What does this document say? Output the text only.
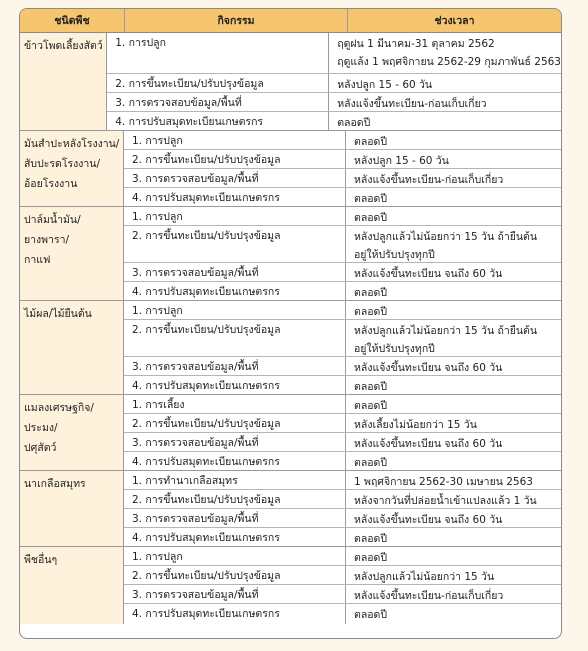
ชนิดพืช	กิจกรรม	ช่วงเวลา
ข้าวโพดเลี้ยงสัตว์	1. การปลูก	ฤดูฝน 1 มีนาคม-31 ตุลาคม 2562
ฤดูแล้ง 1 พฤศจิกายน 2562-29 กุมภาพันธ์ 2563
2. การขึ้นทะเบียน/ปรับปรุงข้อมูล	หลังปลูก 15 - 60 วัน
3. การตรวจสอบข้อมูล/พื้นที่	หลังแจ้งขึ้นทะเบียน-ก่อนเก็บเกี่ยว
4. การปรับสมุดทะเบียนเกษตรกร	ตลอดปี
มันสำปะหลังโรงงาน/
สับปะรดโรงงาน/
อ้อยโรงงาน
1. การปลูก	ตลอดปี
2. การขึ้นทะเบียน/ปรับปรุงข้อมูล	หลังปลูก 15 - 60 วัน
3. การตรวจสอบข้อมูล/พื้นที่	หลังแจ้งขึ้นทะเบียน-ก่อนเก็บเกี่ยว
4. การปรับสมุดทะเบียนเกษตรกร	ตลอดปี
ปาล์มน้ำมัน/
ยางพารา/
กาแฟ
1. การปลูก	ตลอดปี
2. การขึ้นทะเบียน/ปรับปรุงข้อมูล	หลังปลูกแล้วไม่น้อยกว่า 15 วัน ถ้ายืนต้น
อยู่ให้ปรับปรุงทุกปี
3. การตรวจสอบข้อมูล/พื้นที่	หลังแจ้งขึ้นทะเบียน จนถึง 60 วัน
4. การปรับสมุดทะเบียนเกษตรกร	ตลอดปี
ไม้ผล/ไม้ยืนต้น	1. การปลูก	ตลอดปี
2. การขึ้นทะเบียน/ปรับปรุงข้อมูล	หลังปลูกแล้วไม่น้อยกว่า 15 วัน ถ้ายืนต้น
อยู่ให้ปรับปรุงทุกปี
3. การตรวจสอบข้อมูล/พื้นที่	หลังแจ้งขึ้นทะเบียน จนถึง 60 วัน
4. การปรับสมุดทะเบียนเกษตรกร	ตลอดปี
แมลงเศรษฐกิจ/
ประมง/
ปศุสัตว์
1. การเลี้ยง	ตลอดปี
2. การขึ้นทะเบียน/ปรับปรุงข้อมูล	หลังเลี้ยงไม่น้อยกว่า 15 วัน
3. การตรวจสอบข้อมูล/พื้นที่	หลังแจ้งขึ้นทะเบียน จนถึง 60 วัน
4. การปรับสมุดทะเบียนเกษตรกร	ตลอดปี
นาเกลือสมุทร	1. การทำนาเกลือสมุทร	1 พฤศจิกายน 2562-30 เมษายน 2563
2. การขึ้นทะเบียน/ปรับปรุงข้อมูล	หลังจากวันที่ปล่อยน้ำเข้าแปลงแล้ว 1 วัน
3. การตรวจสอบข้อมูล/พื้นที่	หลังแจ้งขึ้นทะเบียน จนถึง 60 วัน
4. การปรับสมุดทะเบียนเกษตรกร	ตลอดปี
พืชอื่นๆ	1. การปลูก	ตลอดปี
2. การขึ้นทะเบียน/ปรับปรุงข้อมูล	หลังปลูกแล้วไม่น้อยกว่า 15 วัน
3. การตรวจสอบข้อมูล/พื้นที่	หลังแจ้งขึ้นทะเบียน-ก่อนเก็บเกี่ยว
4. การปรับสมุดทะเบียนเกษตรกร	ตลอดปี
